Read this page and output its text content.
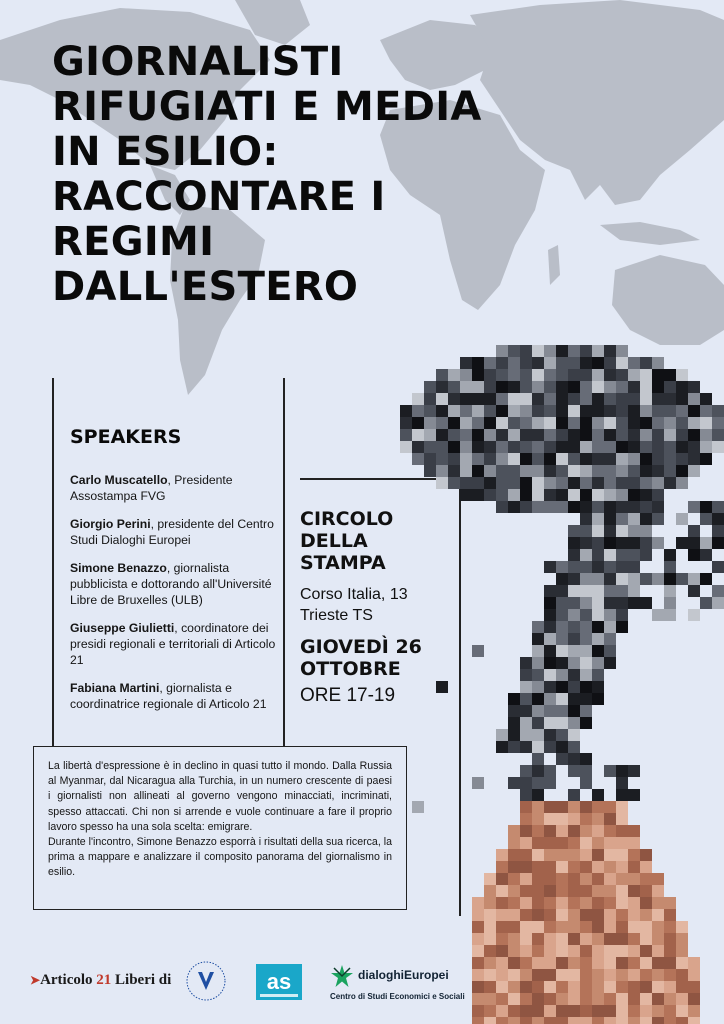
GIORNALISTI
RIFUGIATI E MEDIA
IN ESILIO:
RACCONTARE I
REGIMI
DALL'ESTERO
SPEAKERS
Carlo Muscatello, Presidente Assostampa FVG
Giorgio Perini, presidente del Centro Studi Dialoghi Europei
Simone Benazzo, giornalista pubblicista e dottorando all'Université Libre de Bruxelles (ULB)
Giuseppe Giulietti, coordinatore dei presidi regionali e territoriali di Articolo 21
Fabiana Martini, giornalista e coordinatrice regionale di Articolo 21
CIRCOLO DELLA STAMPA
Corso Italia, 13
Trieste TS
GIOVEDÌ 26 OTTOBRE
ORE 17-19

La libertà d'espressione è in declino in quasi tutto il mondo. Dalla Russia al Myanmar, dal Nicaragua alla Turchia, in un numero crescente di paesi i giornalisti non allineati al governo vengono minacciati, incriminati, spesso attaccati. Chi non si arrende e vuole continuare a fare il proprio lavoro spesso ha una sola scelta: emigrare.

Durante l'incontro, Simone Benazzo esporrà i risultati della sua ricerca, la prima a mappare e analizzare il composito panorama del giornalismo in esilio.

➤Articolo 21 Liberi di	as	dialoghiEuropei
Centro di Studi Economici e Sociali
